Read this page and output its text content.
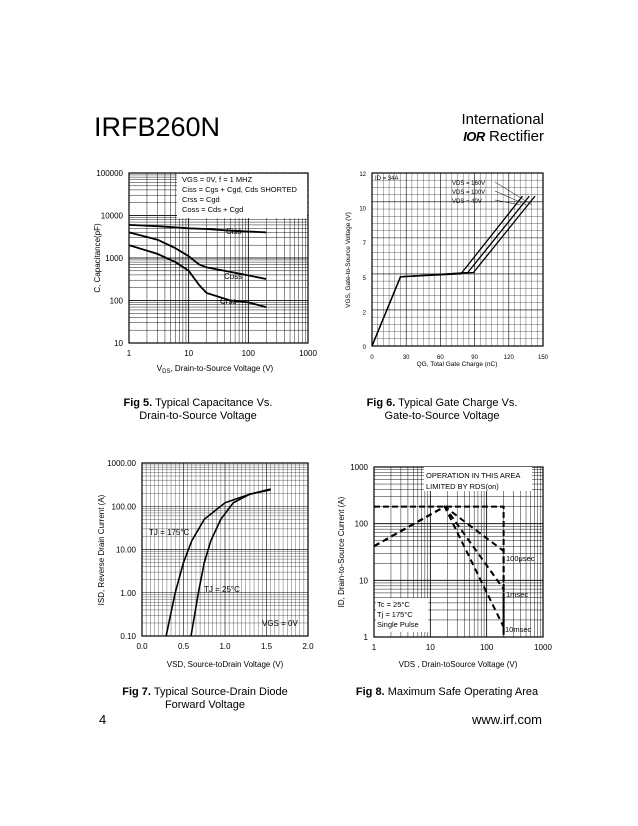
IRFB260N	International
IOR Rectifier
1	10	100	1000
10
100
1000
10000
100000
VGS = 0V, f = 1 MHZ
Ciss = Cgs + Cgd, Cds SHORTED
Crss = Cgd
Coss = Cds + Cgd
Ciss
Coss
Crss
$V_{DS}$, Drain-to-Source Voltage (V)
C, Capacitance(pF)
0	30	60	90	120	150
0
2
5
7
10
12
ID = 34A
VDS = 160V
VDS = 100V
VDS = 40V
QG, Total Gate Charge (nC)
VGS, Gate-to-Source Voltage (V)
0.0	0.5	1.0	1.5	2.0
0.10
1.00
10.00
100.00
1000.00
TJ = 175°C
TJ = 25°C
VGS = 0V
VSD, Source-toDrain Voltage (V)
ISD, Reverse Drain Current (A)
1	10	100	1000
1
10
100
1000
OPERATION IN THIS AREA
LIMITED BY RDS(on)
Tc = 25°C
Tj = 175°C
Single Pulse
100μsec
1msec
10msec
VDS , Drain-toSource Voltage (V)
ID, Drain-to-Source Current (A)
Fig 5. Typical Capacitance Vs.
Drain-to-Source Voltage
Fig 6. Typical Gate Charge Vs.
Gate-to-Source Voltage
Fig 7. Typical Source-Drain Diode
Forward Voltage
Fig 8. Maximum Safe Operating Area
4	www.irf.com
